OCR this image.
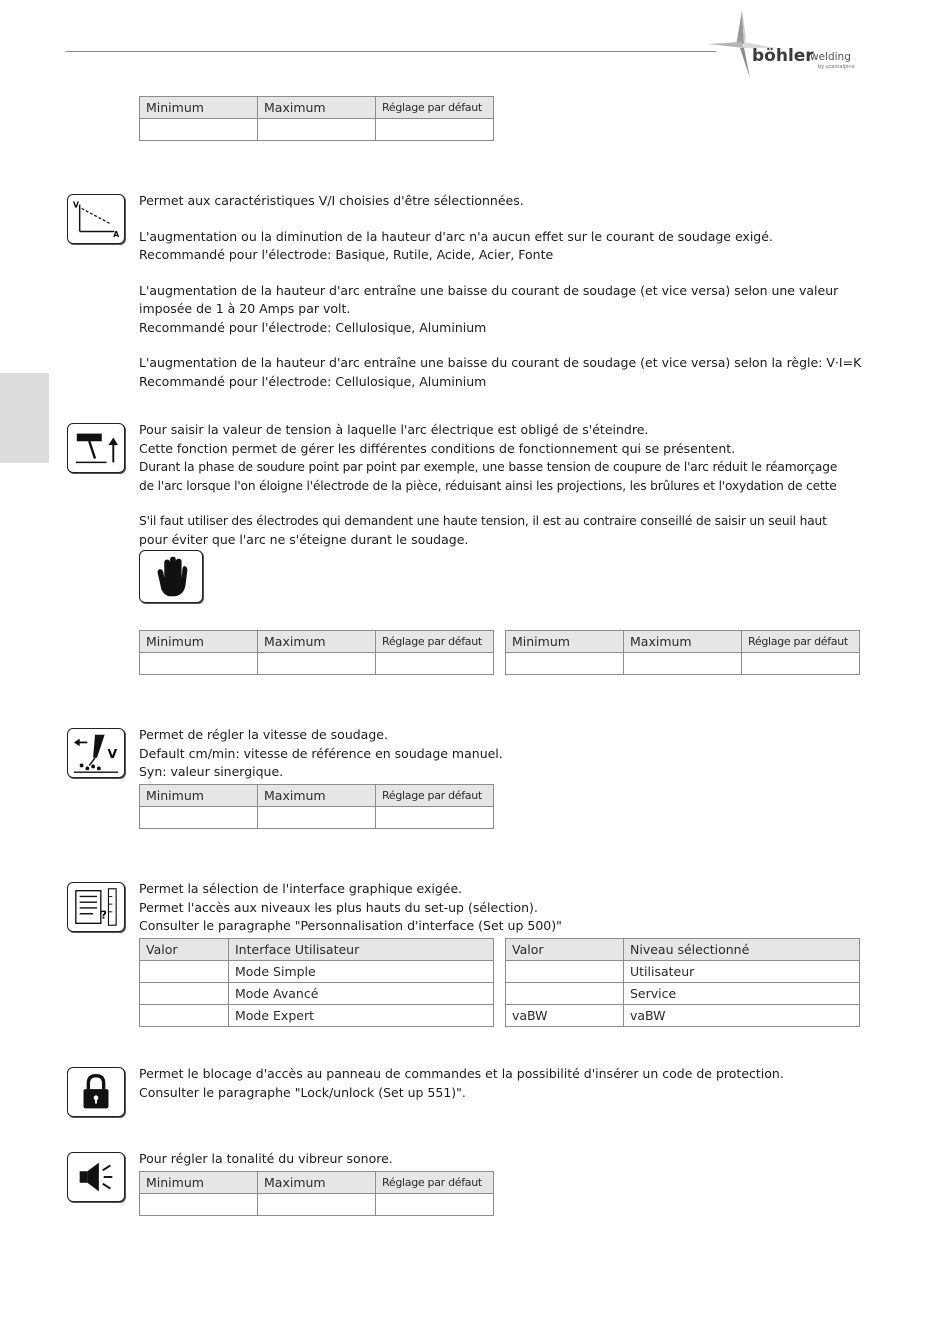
böhler
welding
by voestalpine
Minimum	Maximum	Réglage par défaut

V
A

Permet aux caractéristiques V/I choisies d'être sélectionnées.

L'augmentation ou la diminution de la hauteur d'arc n'a aucun effet sur le courant de soudage exigé.

Recommandé pour l'électrode: Basique, Rutile, Acide, Acier, Fonte

L'augmentation de la hauteur d'arc entraîne une baisse du courant de soudage (et vice versa) selon une valeur

imposée de 1 à 20 Amps par volt.

Recommandé pour l'électrode: Cellulosique, Aluminium

L'augmentation de la hauteur d'arc entraîne une baisse du courant de soudage (et vice versa) selon la règle: V·I=K

Recommandé pour l'électrode: Cellulosique, Aluminium

Pour saisir la valeur de tension à laquelle l'arc électrique est obligé de s'éteindre.

Cette fonction permet de gérer les différentes conditions de fonctionnement qui se présentent.

Durant la phase de soudure point par point par exemple, une basse tension de coupure de l'arc réduit le réamorçage

de l'arc lorsque l'on éloigne l'électrode de la pièce, réduisant ainsi les projections, les brûlures et l'oxydation de cette

S'il faut utiliser des électrodes qui demandent une haute tension, il est au contraire conseillé de saisir un seuil haut

pour éviter que l'arc ne s'éteigne durant le soudage.

Minimum	Maximum	Réglage par défaut
		Minimum	Maximum	Réglage par défaut

V

Permet de régler la vitesse de soudage.

Default cm/min: vitesse de référence en soudage manuel.

Syn: valeur sinergique.

Minimum	Maximum	Réglage par défaut

?

Permet la sélection de l'interface graphique exigée.

Permet l'accès aux niveaux les plus hauts du set-up (sélection).

Consulter le paragraphe "Personnalisation d'interface (Set up 500)"

Valor	Interface Utilisateur
	Mode Simple
	Mode Avancé
	Mode Expert
Valor	Niveau sélectionné
	Utilisateur
	Service
vaBW	vaBW

Permet le blocage d'accès au panneau de commandes et la possibilité d'insérer un code de protection.

Consulter le paragraphe "Lock/unlock (Set up 551)".

Pour régler la tonalité du vibreur sonore.

Minimum	Maximum	Réglage par défaut
